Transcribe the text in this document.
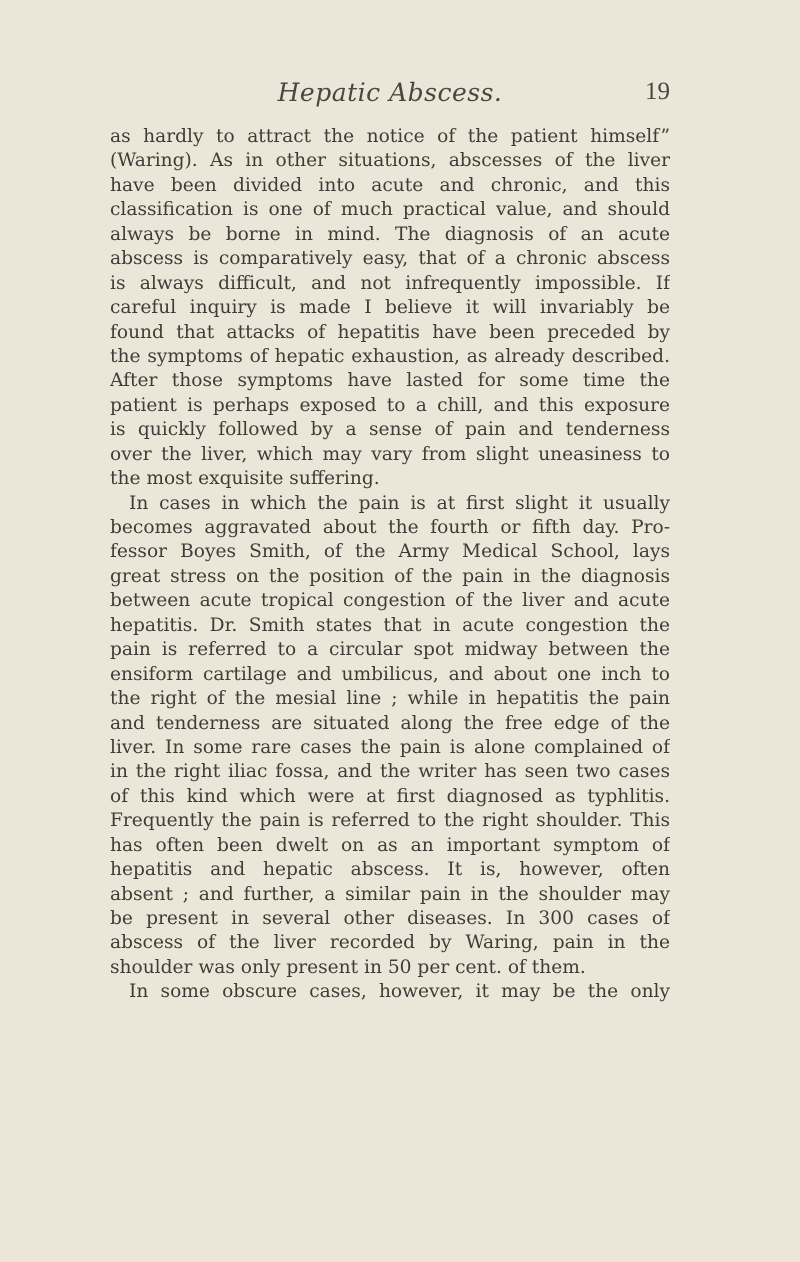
Hepatic Abscess.	19
as hardly to attract the notice of the patient himself”
(Waring). As in other situations, abscesses of the liver
have been divided into acute and chronic, and this
classification is one of much practical value, and should
always be borne in mind. The diagnosis of an acute
abscess is comparatively easy, that of a chronic abscess
is always difficult, and not infrequently impossible. If
careful inquiry is made I believe it will invariably be
found that attacks of hepatitis have been preceded by
the symptoms of hepatic exhaustion, as already described.
After those symptoms have lasted for some time the
patient is perhaps exposed to a chill, and this exposure
is quickly followed by a sense of pain and tenderness
over the liver, which may vary from slight uneasiness to
the most exquisite suffering.
In cases in which the pain is at first slight it usually
becomes aggravated about the fourth or fifth day. Pro-
fessor Boyes Smith, of the Army Medical School, lays
great stress on the position of the pain in the diagnosis
between acute tropical congestion of the liver and acute
hepatitis. Dr. Smith states that in acute congestion the
pain is referred to a circular spot midway between the
ensiform cartilage and umbilicus, and about one inch to
the right of the mesial line ; while in hepatitis the pain
and tenderness are situated along the free edge of the
liver. In some rare cases the pain is alone complained of
in the right iliac fossa, and the writer has seen two cases
of this kind which were at first diagnosed as typhlitis.
Frequently the pain is referred to the right shoulder. This
has often been dwelt on as an important symptom of
hepatitis and hepatic abscess. It is, however, often
absent ; and further, a similar pain in the shoulder may
be present in several other diseases. In 300 cases of
abscess of the liver recorded by Waring, pain in the
shoulder was only present in 50 per cent. of them.
In some obscure cases, however, it may be the only
